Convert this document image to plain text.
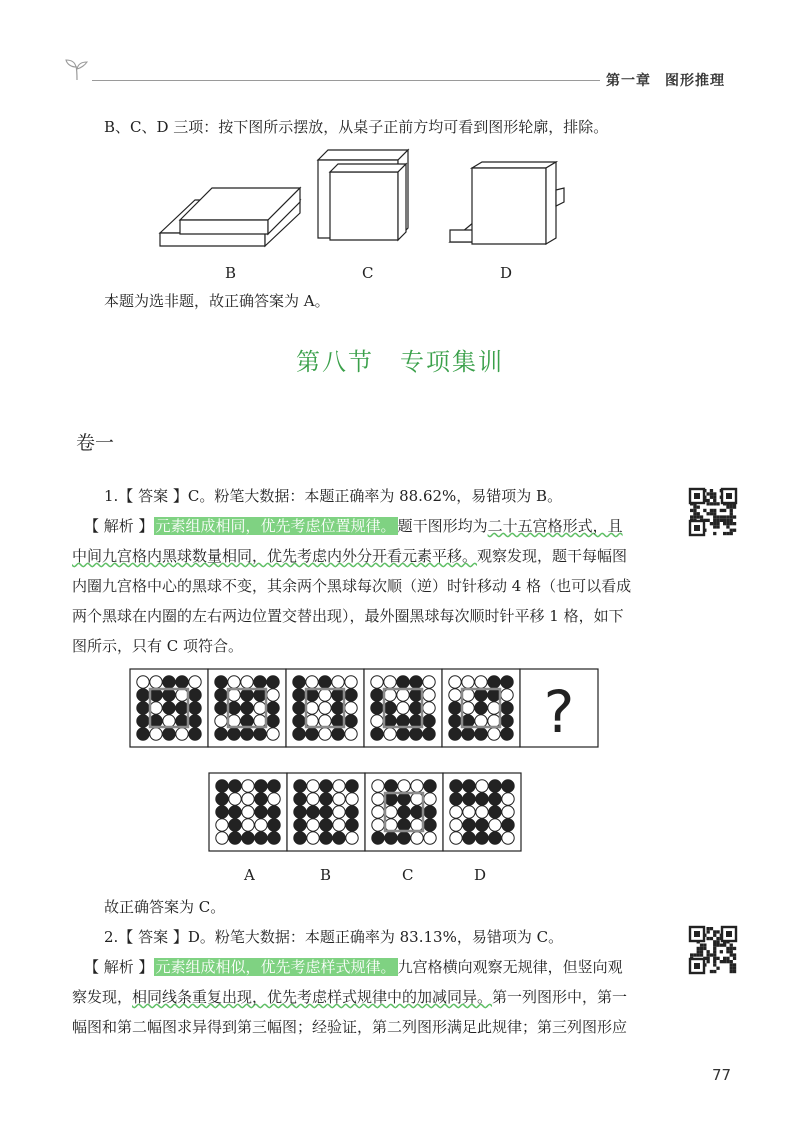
第一章 图形推理
B、C、D 三项：按下图所示摆放，从桌子正前方均可看到图形轮廓，排除。
B	C	D
本题为选非题，故正确答案为 A。
第八节　专项集训
卷一
1.【 答案 】C。粉笔大数据：本题正确率为 88.62%，易错项为 B。
【 解析 】 元素组成相同，优先考虑位置规律。 题干图形均为二十五宫格形式，且
中间九宫格内黑球数量相同，优先考虑内外分开看元素平移。观察发现，题干每幅图
内圈九宫格中心的黑球不变，其余两个黑球每次顺（逆）时针移动 4 格（也可以看成
两个黑球在内圈的左右两边位置交替出现），最外圈黑球每次顺时针平移 1 格，如下
图所示，只有 C 项符合。
?
A	B	C	D
故正确答案为 C。
2.【 答案 】D。粉笔大数据：本题正确率为 83.13%，易错项为 C。
【 解析 】 元素组成相似，优先考虑样式规律。 九宫格横向观察无规律，但竖向观
察发现，相同线条重复出现，优先考虑样式规律中的加减同异。第一列图形中，第一
幅图和第二幅图求异得到第三幅图；经验证，第二列图形满足此规律；第三列图形应
77
